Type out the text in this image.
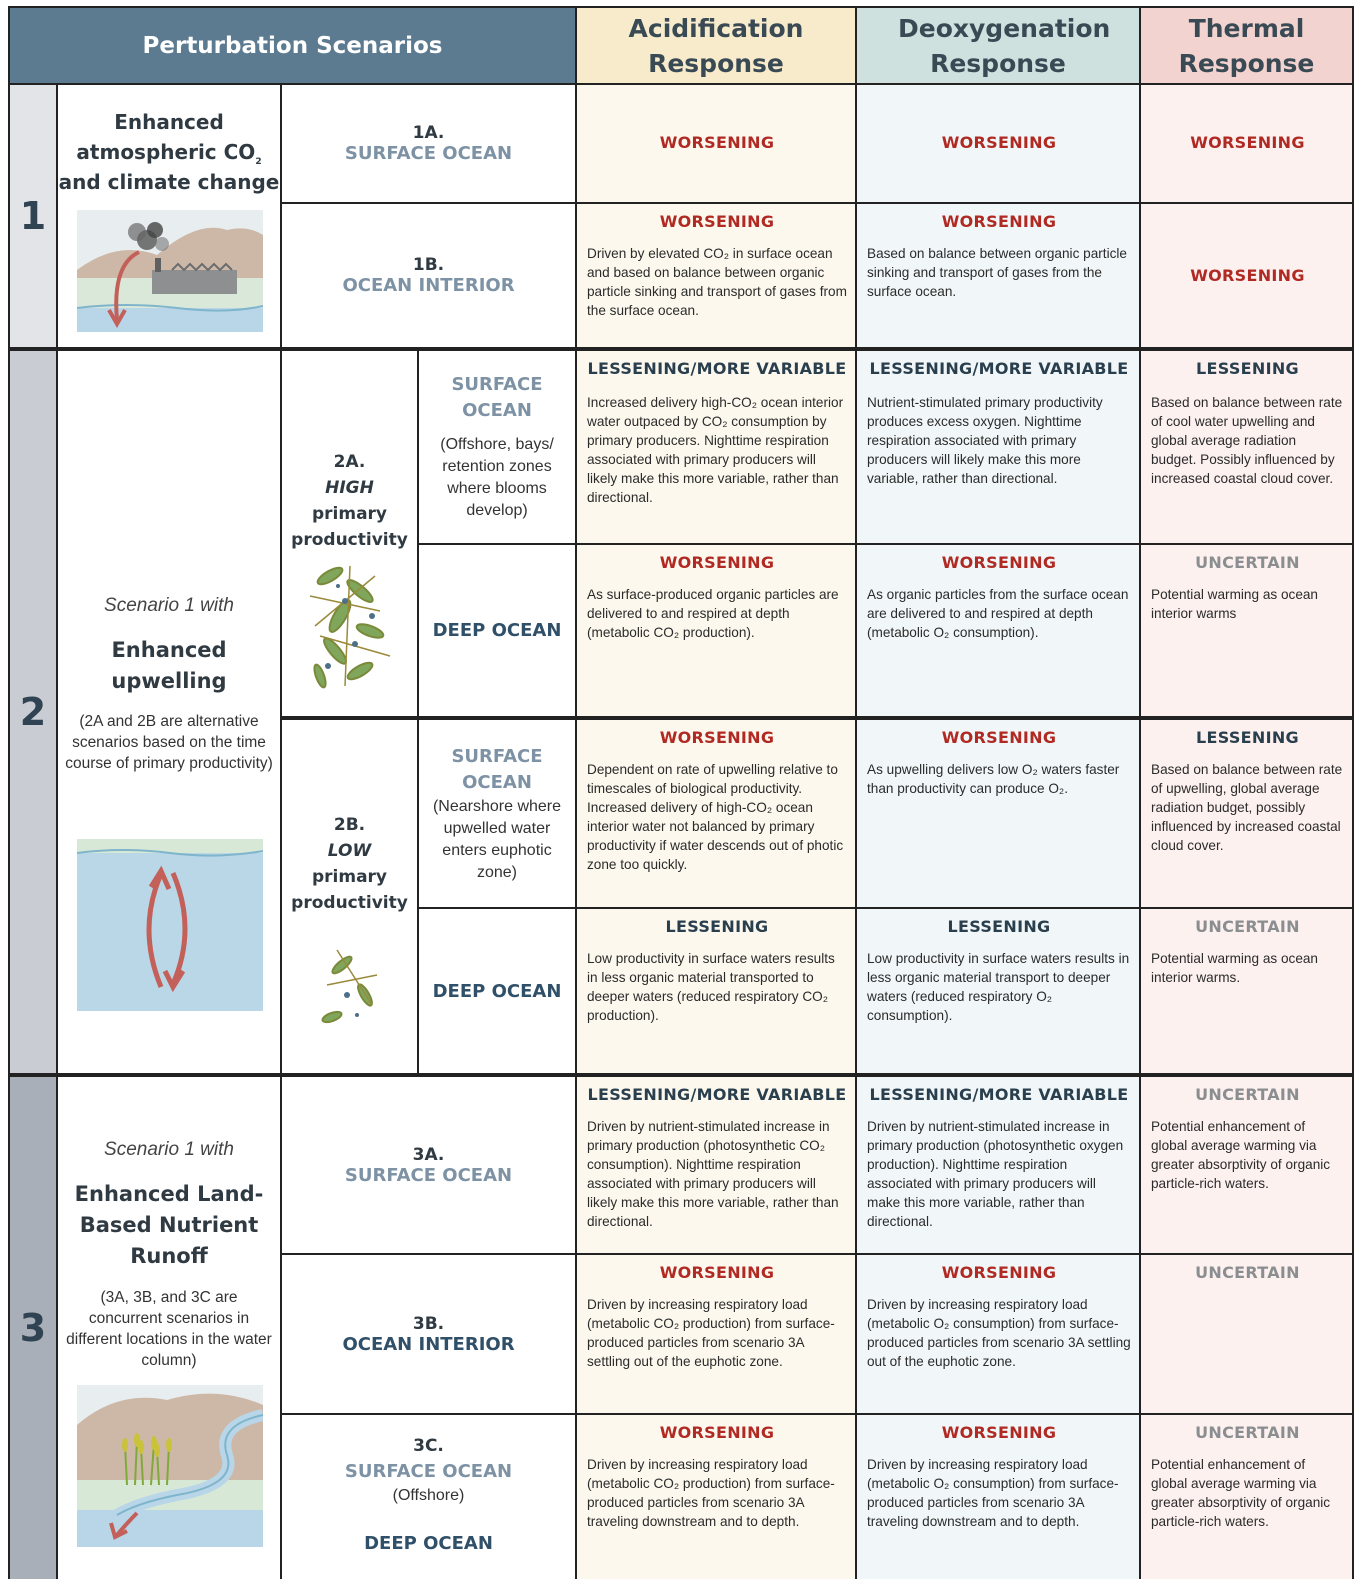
Perturbation Scenarios
Acidification Response
Deoxygenation Response
Thermal Response
1
Enhanced atmospheric $CO_2$
and climate change
1A.
SURFACE OCEAN
WORSENING	WORSENING	WORSENING
1B.
OCEAN INTERIOR
WORSENING
Driven by elevated CO₂ in surface ocean and based on balance between organic particle sinking and transport of gases from the surface ocean.
WORSENING
Based on balance between organic particle sinking and transport of gases from the surface ocean.
WORSENING
2
Scenario 1 with
Enhanced upwelling
(2A and 2B are alternative scenarios based on the time course of primary productivity)
2A.
HIGH
primary productivity
SURFACE OCEAN
(Offshore, bays/ retention zones where blooms develop)
LESSENING/MORE VARIABLE
Increased delivery high-CO₂ ocean interior water outpaced by CO₂ consumption by primary producers. Nighttime respiration associated with primary producers will likely make this more variable, rather than directional.
LESSENING/MORE VARIABLE
Nutrient-stimulated primary productivity produces excess oxygen. Nighttime respiration associated with primary producers will likely make this more variable, rather than directional.
LESSENING
Based on balance between rate of cool water upwelling and global average radiation budget. Possibly influenced by increased coastal cloud cover.
DEEP OCEAN
WORSENING
As surface-produced organic particles are delivered to and respired at depth (metabolic CO₂ production).
WORSENING
As organic particles from the surface ocean are delivered to and respired at depth (metabolic O₂ consumption).
UNCERTAIN
Potential warming as ocean interior warms
2B.
LOW
primary productivity
SURFACE OCEAN
(Nearshore where upwelled water enters euphotic zone)
WORSENING
Dependent on rate of upwelling relative to timescales of biological productivity. Increased delivery of high-CO₂ ocean interior water not balanced by primary productivity if water descends out of photic zone too quickly.
WORSENING
As upwelling delivers low O₂ waters faster than productivity can produce O₂.
LESSENING
Based on balance between rate of upwelling, global average radiation budget, possibly influenced by increased coastal cloud cover.
DEEP OCEAN
LESSENING
Low productivity in surface waters results in less organic material transported to deeper waters (reduced respiratory CO₂ production).
LESSENING
Low productivity in surface waters results in less organic material transport to deeper waters (reduced respiratory O₂ consumption).
UNCERTAIN
Potential warming as ocean interior warms.
3
Scenario 1 with
Enhanced Land-Based Nutrient Runoff
(3A, 3B, and 3C are concurrent scenarios in different locations in the water column)
3A.
SURFACE OCEAN
LESSENING/MORE VARIABLE
Driven by nutrient-stimulated increase in primary production (photosynthetic CO₂ consumption). Nighttime respiration associated with primary producers will likely make this more variable, rather than directional.
LESSENING/MORE VARIABLE
Driven by nutrient-stimulated increase in primary production (photosynthetic oxygen production). Nighttime respiration associated with primary producers will make this more variable, rather than directional.
UNCERTAIN
Potential enhancement of global average warming via greater absorptivity of organic particle-rich waters.
3B.
OCEAN INTERIOR
WORSENING
Driven by increasing respiratory load (metabolic CO₂ production) from surface-produced particles from scenario 3A settling out of the euphotic zone.
WORSENING
Driven by increasing respiratory load (metabolic O₂ consumption) from surface-produced particles from scenario 3A settling out of the euphotic zone.
UNCERTAIN
3C.
SURFACE OCEAN
(Offshore)
DEEP OCEAN
WORSENING
Driven by increasing respiratory load (metabolic CO₂ production) from surface-produced particles from scenario 3A traveling downstream and to depth.
WORSENING
Driven by increasing respiratory load (metabolic O₂ consumption) from surface-produced particles from scenario 3A traveling downstream and to depth.
UNCERTAIN
Potential enhancement of global average warming via greater absorptivity of organic particle-rich waters.
